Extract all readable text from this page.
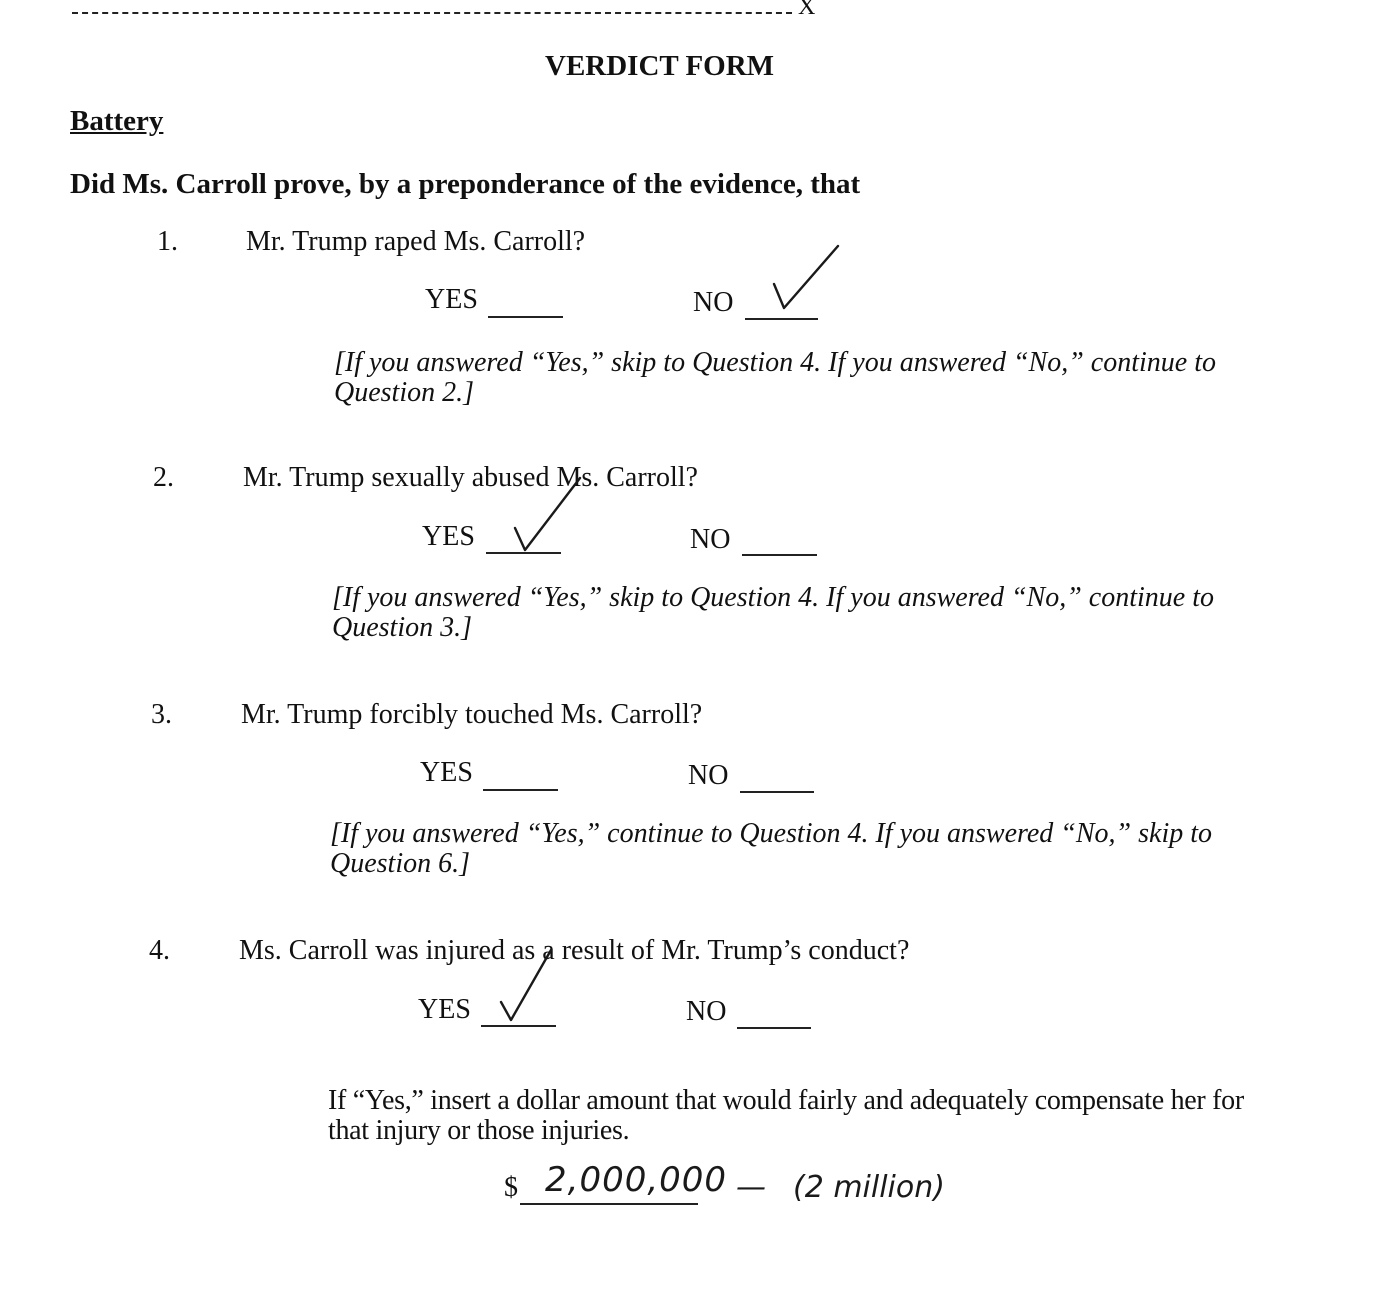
X
VERDICT FORM
Battery
Did Ms. Carroll prove, by a preponderance of the evidence, that
1. Mr. Trump raped Ms. Carroll?
YES	NO
[If you answered “Yes,” skip to Question 4. If you answered “No,” continue to Question 2.]
2. Mr. Trump sexually abused Ms. Carroll?
YES	NO
[If you answered “Yes,” skip to Question 4. If you answered “No,” continue to Question 3.]
3. Mr. Trump forcibly touched Ms. Carroll?
YES	NO
[If you answered “Yes,” continue to Question 4. If you answered “No,” skip to Question 6.]
4. Ms. Carroll was injured as a result of Mr. Trump’s conduct?
YES	NO
If “Yes,” insert a dollar amount that would fairly and adequately compensate her for that injury or those injuries.
$ 2,000,000 — (2 million)
